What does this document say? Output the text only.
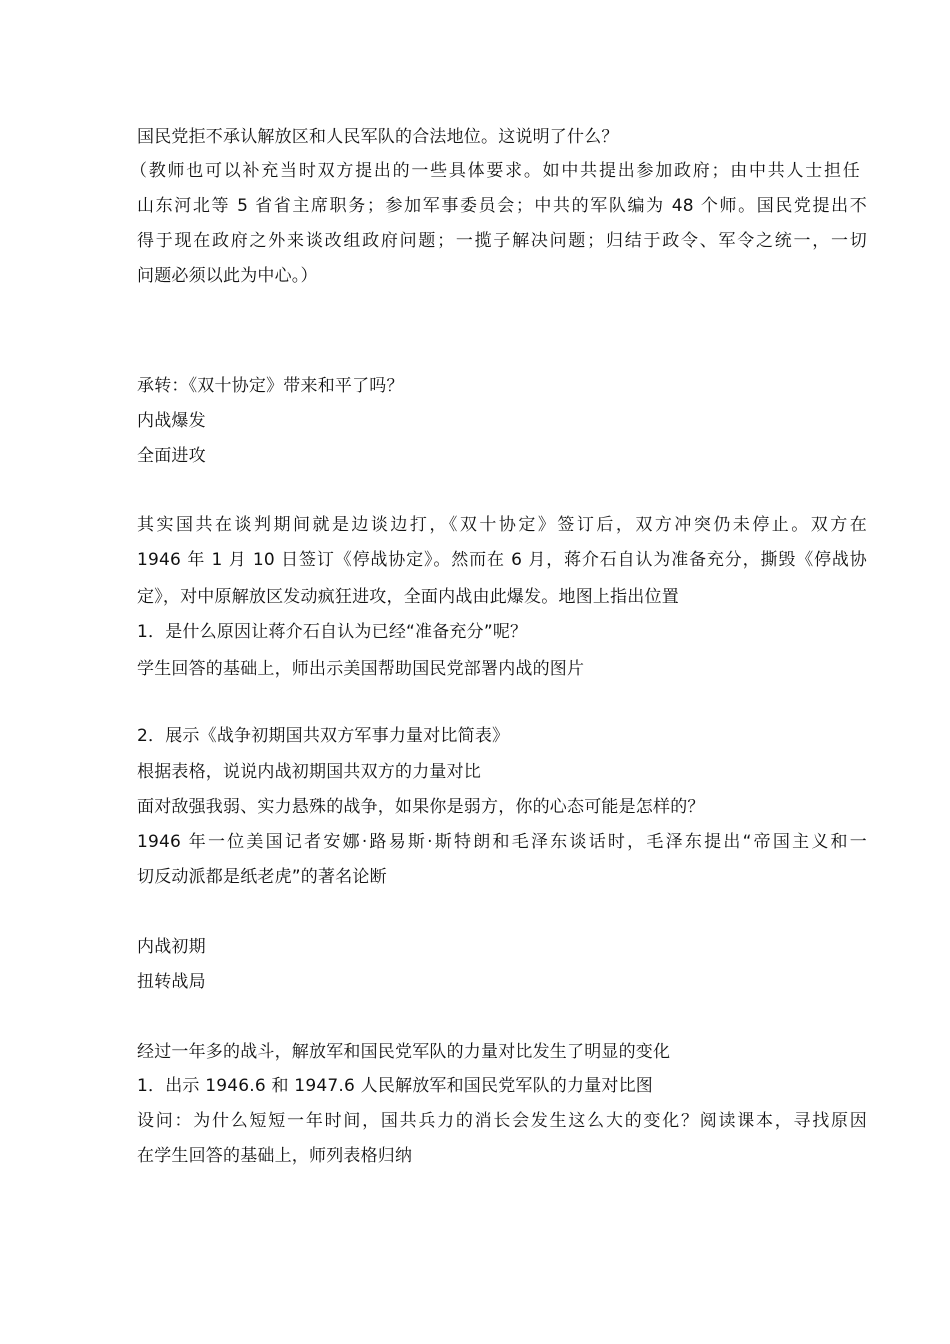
国民党拒不承认解放区和人民军队的合法地位。这说明了什么？
（教师也可以补充当时双方提出的一些具体要求。如中共提出参加政府；由中共人士担任
山东河北等 5 省省主席职务；参加军事委员会；中共的军队编为 48 个师。国民党提出不
得于现在政府之外来谈改组政府问题；一揽子解决问题；归结于政令、军令之统一，一切
问题必须以此为中心。）
承转：《双十协定》带来和平了吗？
内战爆发
全面进攻
其实国共在谈判期间就是边谈边打，《双十协定》签订后，双方冲突仍未停止。双方在
1946 年 1 月 10 日签订《停战协定》。然而在 6 月，蒋介石自认为准备充分，撕毁《停战协
定》，对中原解放区发动疯狂进攻，全面内战由此爆发。地图上指出位置
1．是什么原因让蒋介石自认为已经“准备充分”呢？
学生回答的基础上，师出示美国帮助国民党部署内战的图片
2．展示《战争初期国共双方军事力量对比简表》
根据表格，说说内战初期国共双方的力量对比
面对敌强我弱、实力悬殊的战争，如果你是弱方，你的心态可能是怎样的？
1946 年一位美国记者安娜·路易斯·斯特朗和毛泽东谈话时，毛泽东提出“帝国主义和一
切反动派都是纸老虎”的著名论断
内战初期
扭转战局
经过一年多的战斗，解放军和国民党军队的力量对比发生了明显的变化
1．出示 1946.6 和 1947.6 人民解放军和国民党军队的力量对比图
设问：为什么短短一年时间，国共兵力的消长会发生这么大的变化？阅读课本，寻找原因
在学生回答的基础上，师列表格归纳
